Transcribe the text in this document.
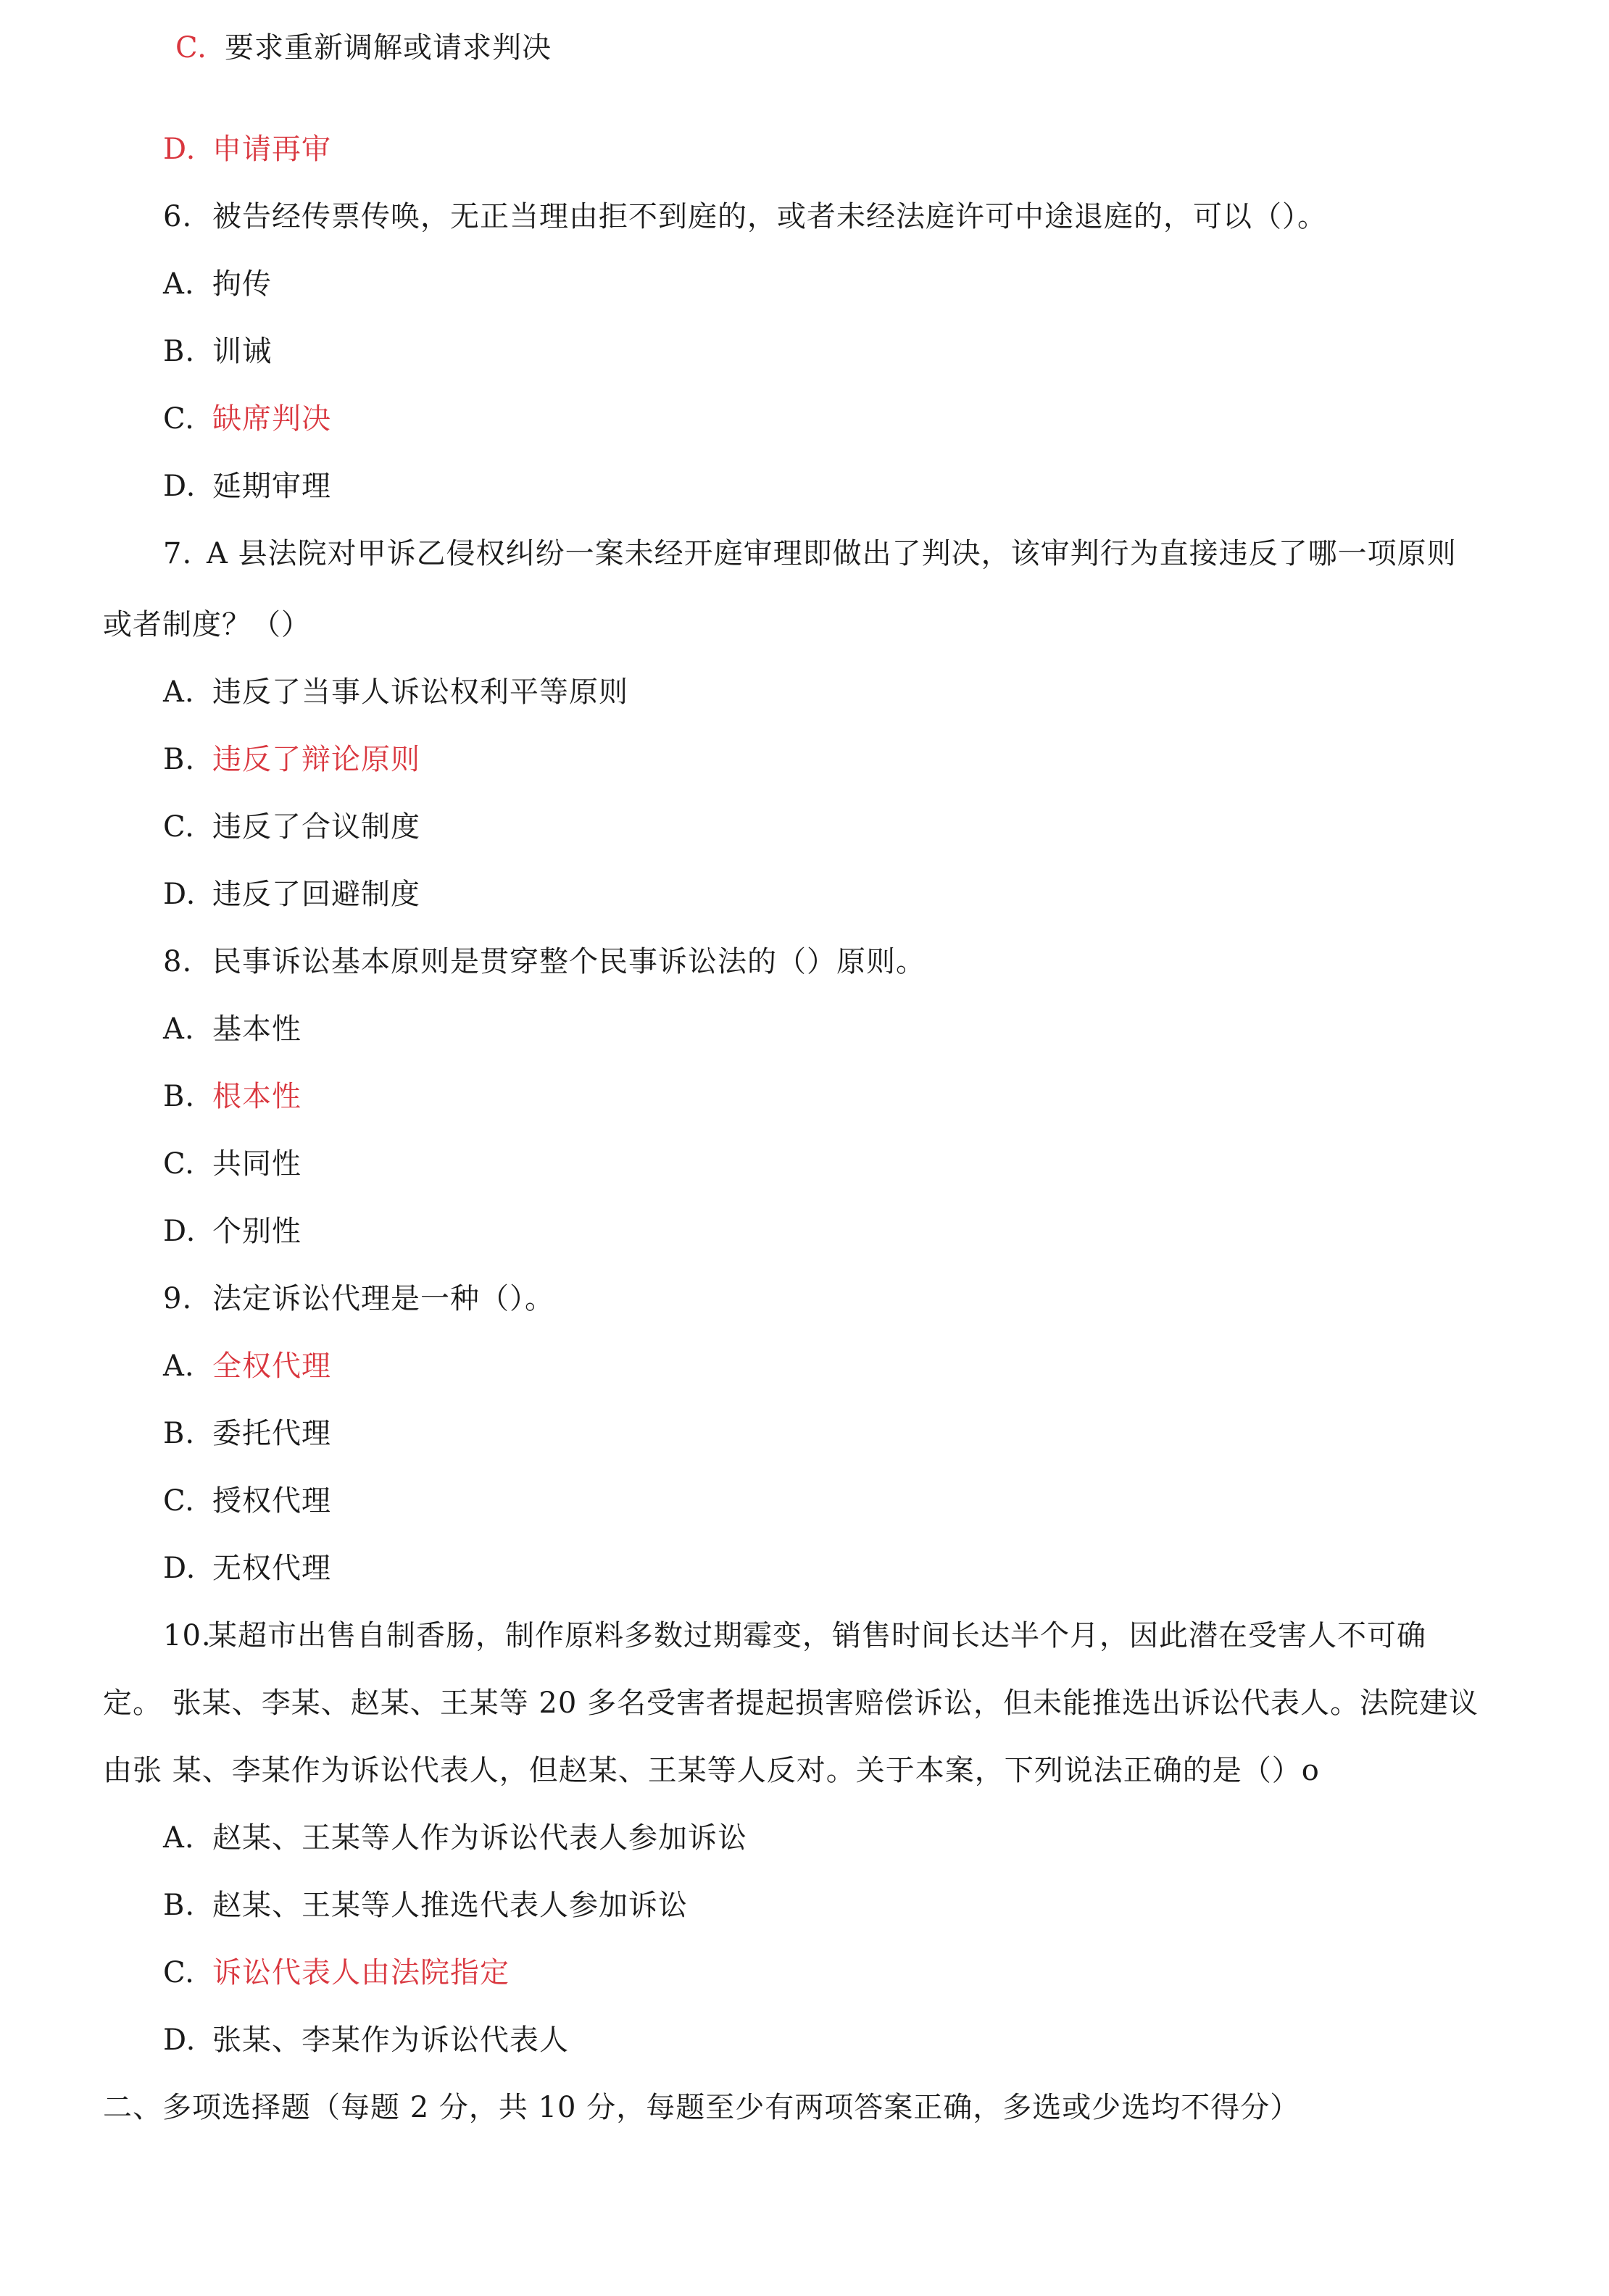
C. 要求重新调解或请求判决
D. 申请再审
6. 被告经传票传唤，无正当理由拒不到庭的，或者未经法庭许可中途退庭的，可以（）。
A. 拘传
B. 训诫
C. 缺席判决
D. 延期审理
7. A 县法院对甲诉乙侵权纠纷一案未经开庭审理即做出了判决，该审判行为直接违反了哪一项原则
或者制度？（）
A. 违反了当事人诉讼权利平等原则
B. 违反了辩论原则
C. 违反了合议制度
D. 违反了回避制度
8. 民事诉讼基本原则是贯穿整个民事诉讼法的（）原则。
A. 基本性
B. 根本性
C. 共同性
D. 个别性
9. 法定诉讼代理是一种（）。
A. 全权代理
B. 委托代理
C. 授权代理
D. 无权代理
10.某超市出售自制香肠，制作原料多数过期霉变，销售时间长达半个月，因此潜在受害人不可确
定。 张某、李某、赵某、王某等 20 多名受害者提起损害赔偿诉讼，但未能推选出诉讼代表人。法院建议
由张 某、李某作为诉讼代表人，但赵某、王某等人反对。关于本案，下列说法正确的是（）o
A. 赵某、王某等人作为诉讼代表人参加诉讼
B. 赵某、王某等人推选代表人参加诉讼
C. 诉讼代表人由法院指定
D. 张某、李某作为诉讼代表人
二、多项选择题（每题 2 分，共 10 分，每题至少有两项答案正确，多选或少选均不得分）
